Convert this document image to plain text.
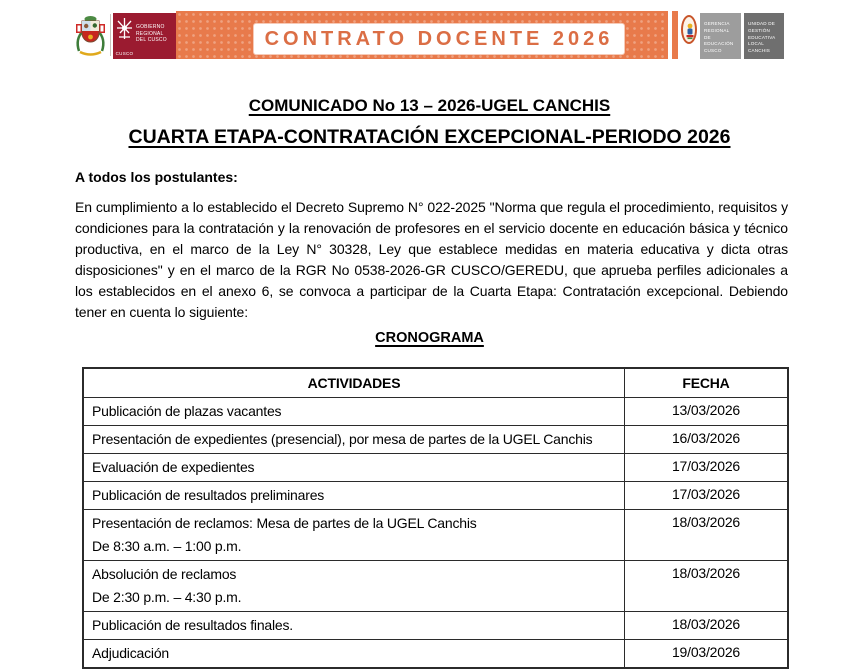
CUSCO
GOBIERNO REGIONAL
DEL CUSCO	CONTRATO DOCENTE 2026
GERENCIA REGIONAL
DE EDUCACIÓN
CUSCO
UNIDAD DE GESTIÓN
EDUCATIVA LOCAL
CANCHIS
COMUNICADO No 13 – 2026-UGEL CANCHIS
CUARTA ETAPA-CONTRATACIÓN EXCEPCIONAL-PERIODO 2026
A todos los postulantes:
En cumplimiento a lo establecido el Decreto Supremo N° 022-2025 "Norma que regula el procedimiento, requisitos y condiciones para la contratación y la renovación de profesores en el servicio docente en educación básica y técnico productiva, en el marco de la Ley N° 30328, Ley que establece medidas en materia educativa y dicta otras disposiciones" y en el marco de la RGR No 0538-2026-GR CUSCO/GEREDU, que aprueba perfiles adicionales a los establecidos en el anexo 6, se convoca a participar de la Cuarta Etapa: Contratación excepcional. Debiendo tener en cuenta lo siguiente:
CRONOGRAMA
ACTIVIDADES	FECHA

Publicación de plazas vacantes	13/03/2026

Presentación de expedientes (presencial), por mesa de partes de la UGEL Canchis	16/03/2026

Evaluación de expedientes	17/03/2026

Publicación de resultados preliminares	17/03/2026

Presentación de reclamos: Mesa de partes de la UGEL Canchis
De 8:30 a.m. – 1:00 p.m.	18/03/2026

Absolución de reclamos
De 2:30 p.m. – 4:30 p.m.	18/03/2026

Publicación de resultados finales.	18/03/2026

Adjudicación	19/03/2026
